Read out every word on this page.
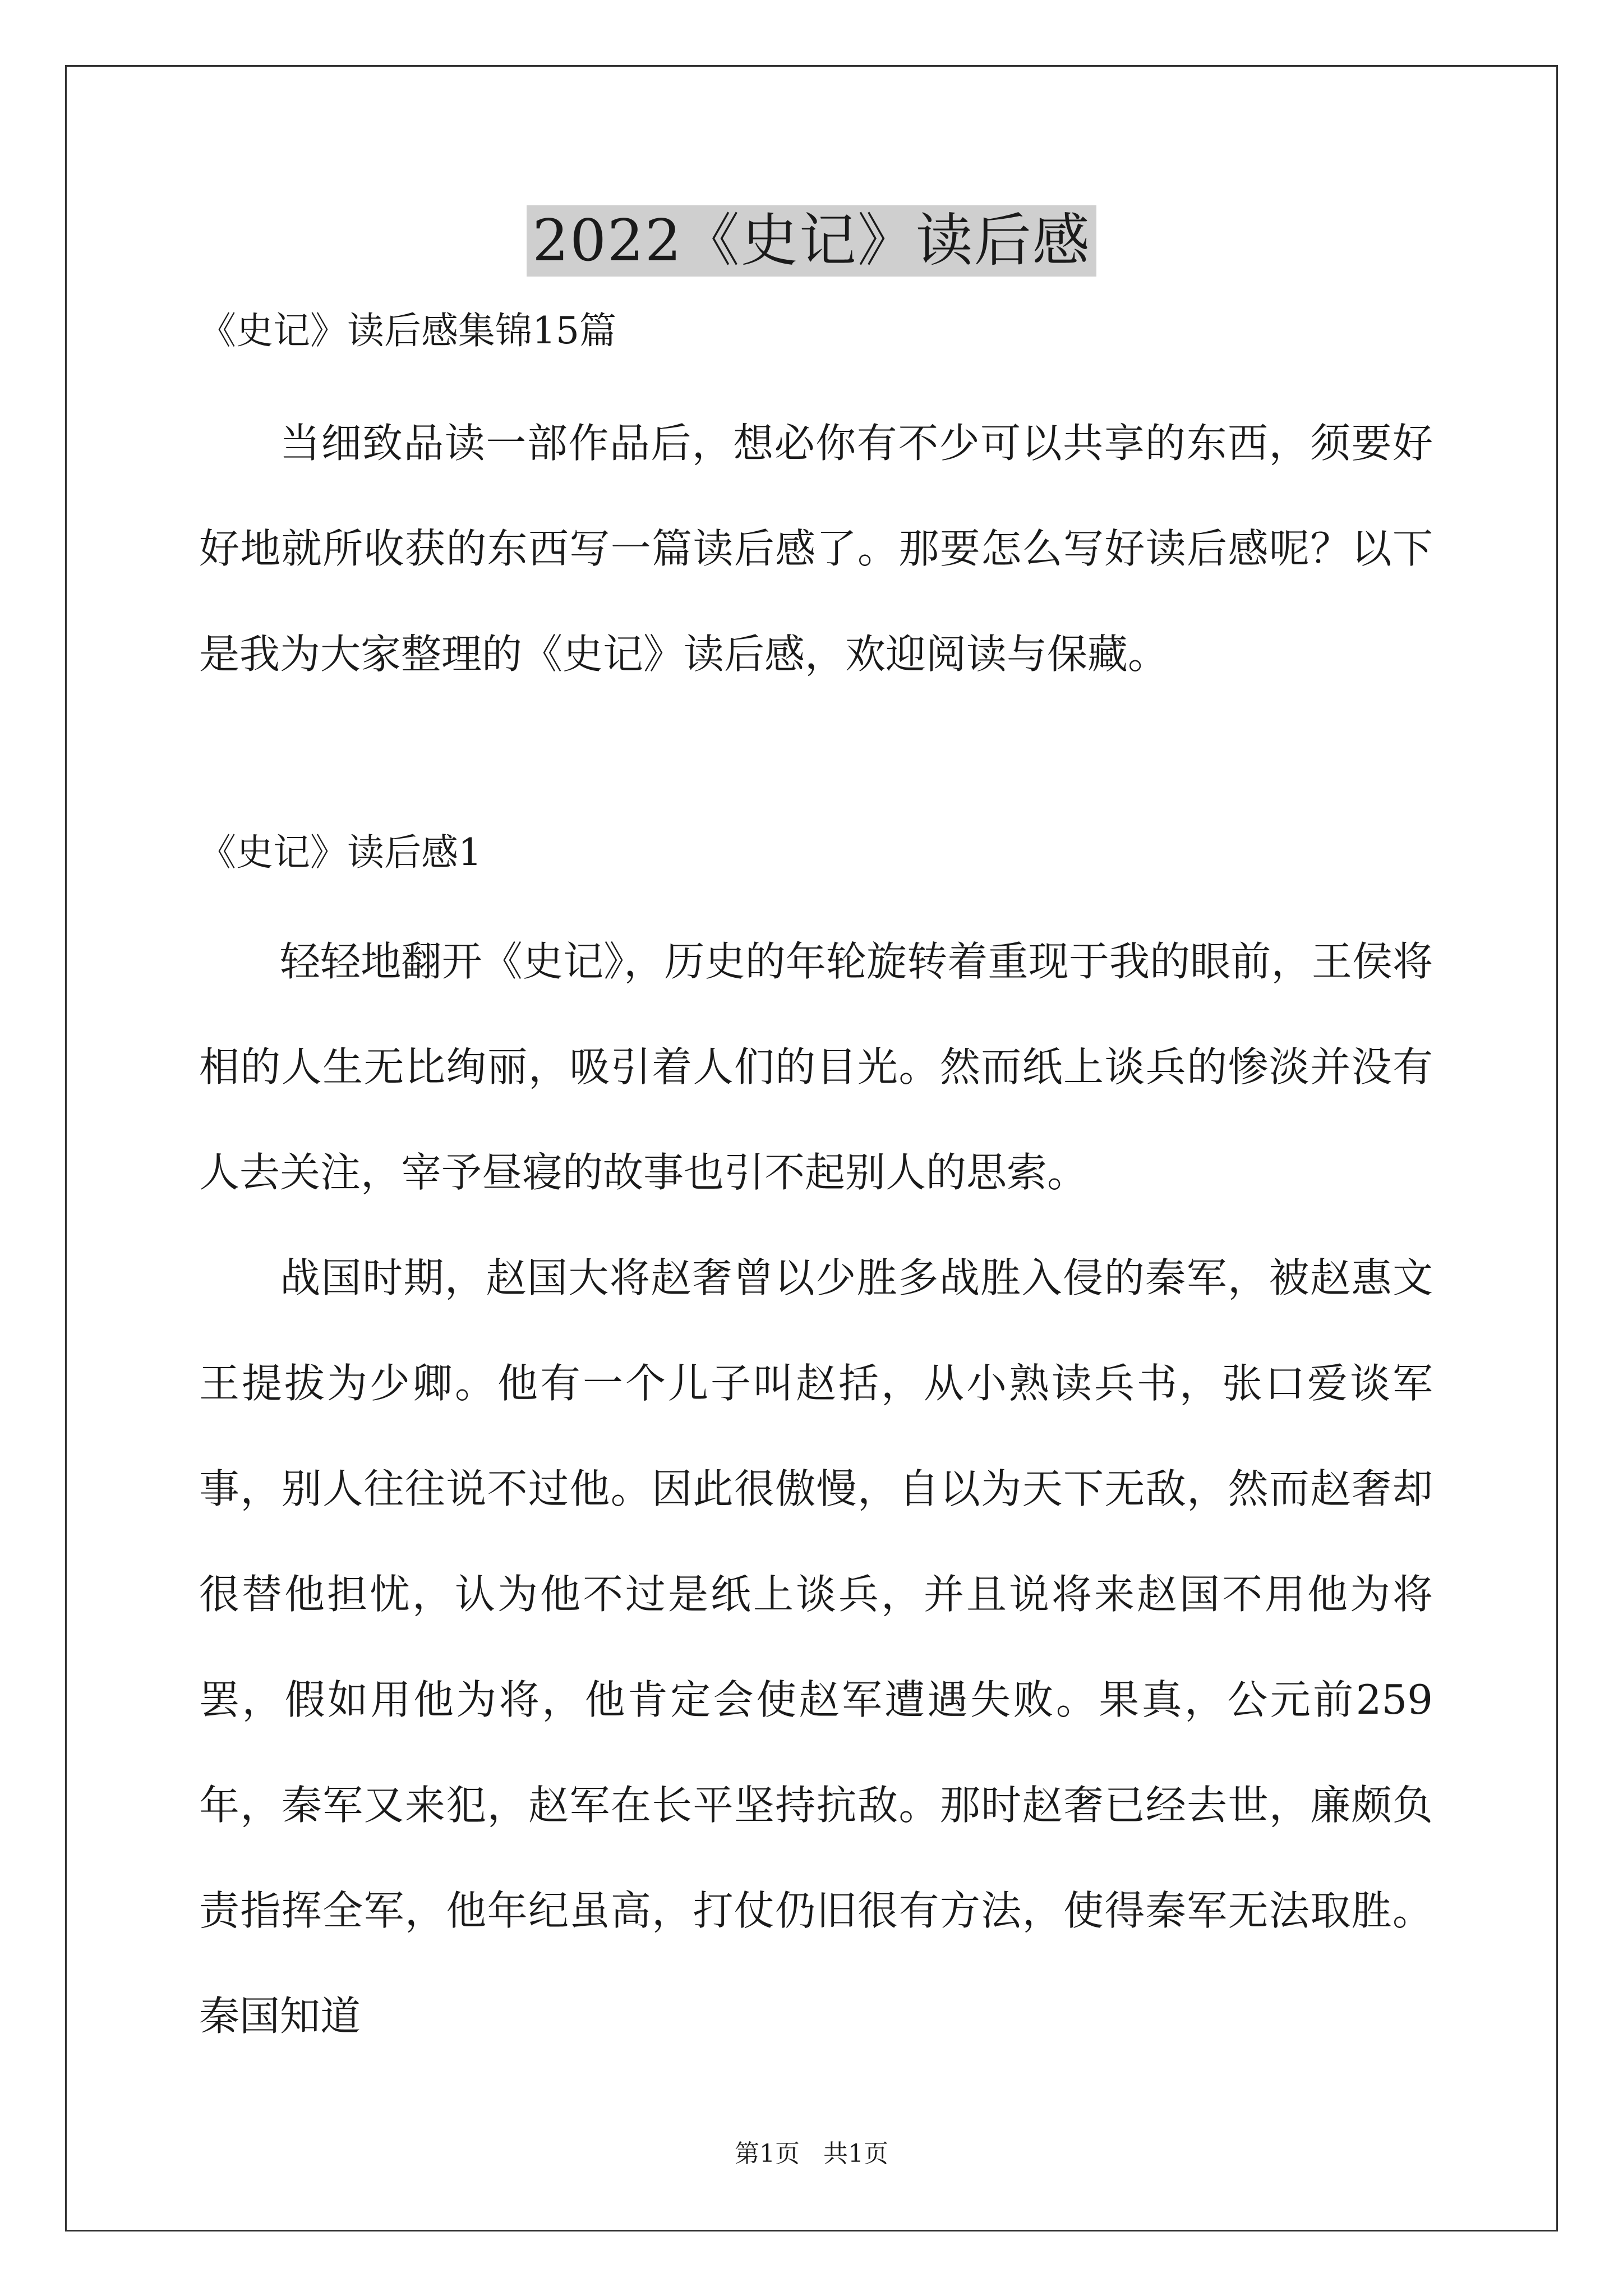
2022《史记》读后感

《史记》读后感集锦15篇

当细致品读一部作品后，想必你有不少可以共享的东西，须要好好地就所收获的东西写一篇读后感了。那要怎么写好读后感呢？以下是我为大家整理的《史记》读后感，欢迎阅读与保藏。

《史记》读后感1

轻轻地翻开《史记》，历史的年轮旋转着重现于我的眼前，王侯将相的人生无比绚丽，吸引着人们的目光。然而纸上谈兵的惨淡并没有人去关注，宰予昼寝的故事也引不起别人的思索。

战国时期，赵国大将赵奢曾以少胜多战胜入侵的秦军，被赵惠文王提拔为少卿。他有一个儿子叫赵括，从小熟读兵书，张口爱谈军事，别人往往说不过他。因此很傲慢，自以为天下无敌，然而赵奢却很替他担忧，认为他不过是纸上谈兵，并且说将来赵国不用他为将罢，假如用他为将，他肯定会使赵军遭遇失败。果真，公元前259年，秦军又来犯，赵军在长平坚持抗敌。那时赵奢已经去世，廉颇负责指挥全军，他年纪虽高，打仗仍旧很有方法，使得秦军无法取胜。秦国知道

第1页   共1页
